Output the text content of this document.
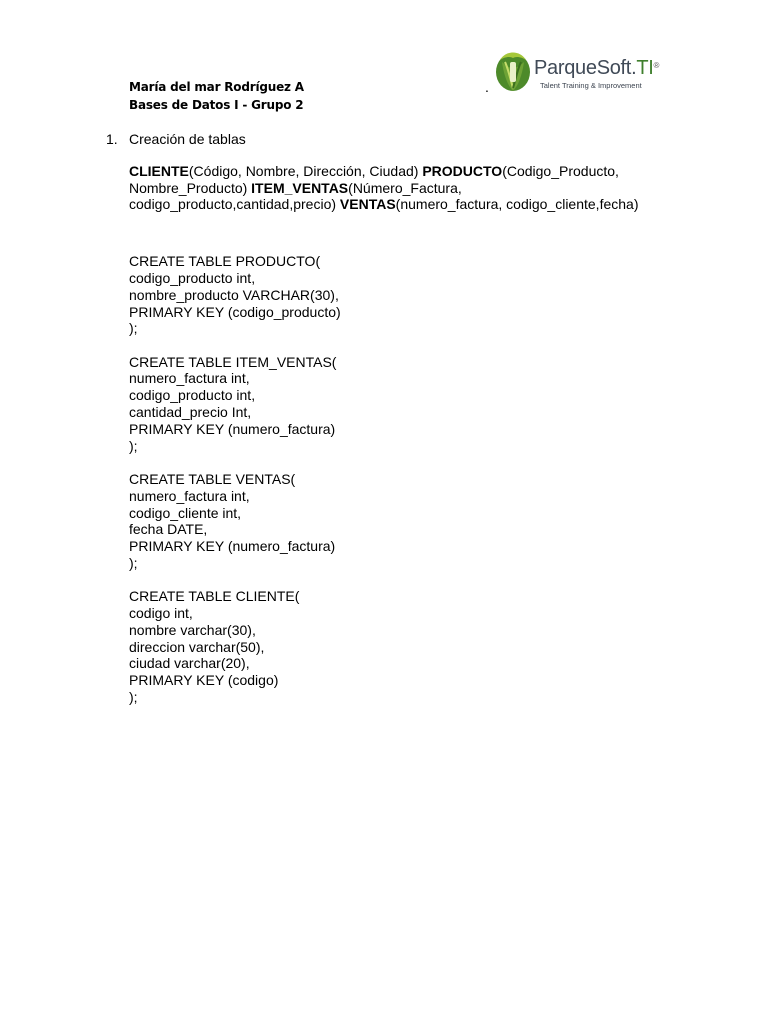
María del mar Rodríguez A
Bases de Datos I - Grupo 2
.
ParqueSoft.TI®
Talent Training & Improvement
1. Creación de tablas
CLIENTE(Código, Nombre, Dirección, Ciudad) PRODUCTO(Codigo_Producto, Nombre_Producto) ITEM_VENTAS(Número_Factura, codigo_producto,cantidad,precio) VENTAS(numero_factura, codigo_cliente,fecha)
CREATE TABLE PRODUCTO(
codigo_producto int,
nombre_producto VARCHAR(30),
PRIMARY KEY (codigo_producto)
);
CREATE TABLE ITEM_VENTAS(
numero_factura int,
codigo_producto int,
cantidad_precio Int,
PRIMARY KEY (numero_factura)
);
CREATE TABLE VENTAS(
numero_factura int,
codigo_cliente int,
fecha DATE,
PRIMARY KEY (numero_factura)
);
CREATE TABLE CLIENTE(
codigo int,
nombre varchar(30),
direccion varchar(50),
ciudad varchar(20),
PRIMARY KEY (codigo)
);
